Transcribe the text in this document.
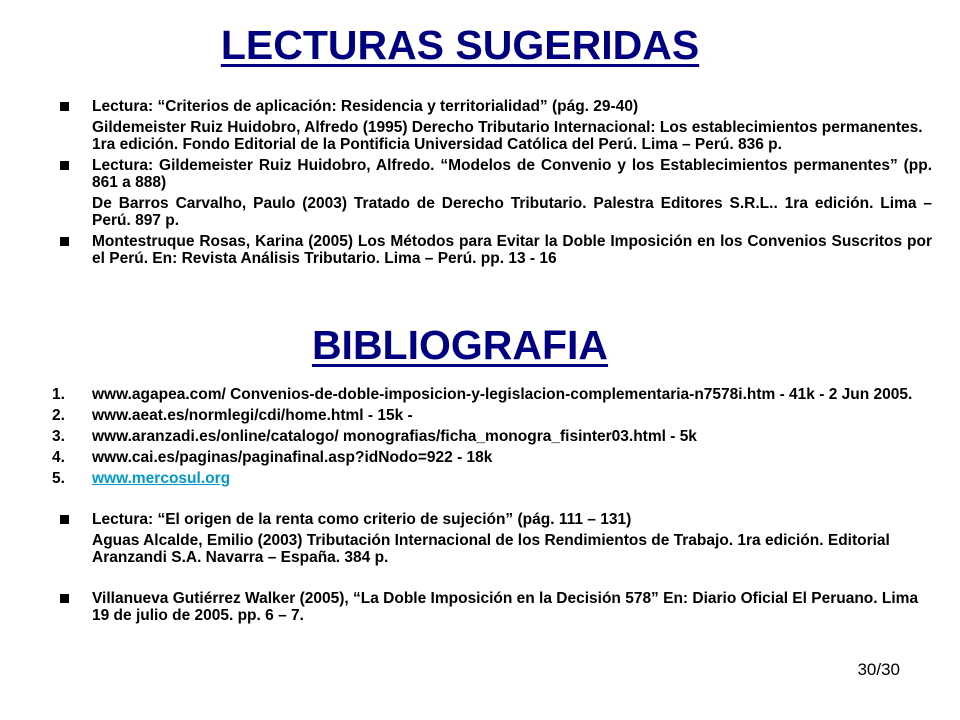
LECTURAS SUGERIDAS
Lectura: “Criterios de aplicación: Residencia y territorialidad” (pág. 29-40)
Gildemeister Ruiz Huidobro, Alfredo (1995) Derecho Tributario Internacional: Los establecimientos permanentes. 1ra edición. Fondo Editorial de la Pontificia Universidad Católica del Perú. Lima – Perú. 836 p.
Lectura: Gildemeister Ruiz Huidobro, Alfredo. “Modelos de Convenio y los Establecimientos permanentes” (pp. 861 a 888)
De Barros Carvalho, Paulo (2003) Tratado de Derecho Tributario. Palestra Editores S.R.L.. 1ra edición. Lima – Perú. 897 p.
Montestruque Rosas, Karina (2005) Los Métodos para Evitar la Doble Imposición en los Convenios Suscritos por el Perú. En: Revista Análisis Tributario. Lima – Perú. pp. 13 - 16
BIBLIOGRAFIA
1. www.agapea.com/ Convenios-de-doble-imposicion-y-legislacion-complementaria-n7578i.htm - 41k - 2 Jun 2005.
2. www.aeat.es/normlegi/cdi/home.html - 15k -
3. www.aranzadi.es/online/catalogo/ monografias/ficha_monogra_fisinter03.html - 5k
4. www.cai.es/paginas/paginafinal.asp?idNodo=922 - 18k
5. www.mercosul.org
Lectura: “El origen de la renta como criterio de sujeción” (pág. 111 – 131)
Aguas Alcalde, Emilio (2003) Tributación Internacional de los Rendimientos de Trabajo. 1ra edición. Editorial Aranzandi S.A. Navarra – España. 384 p.
Villanueva Gutiérrez Walker (2005), “La Doble Imposición en la Decisión 578” En: Diario Oficial El Peruano. Lima 19 de julio de 2005. pp. 6 – 7.
30/30
